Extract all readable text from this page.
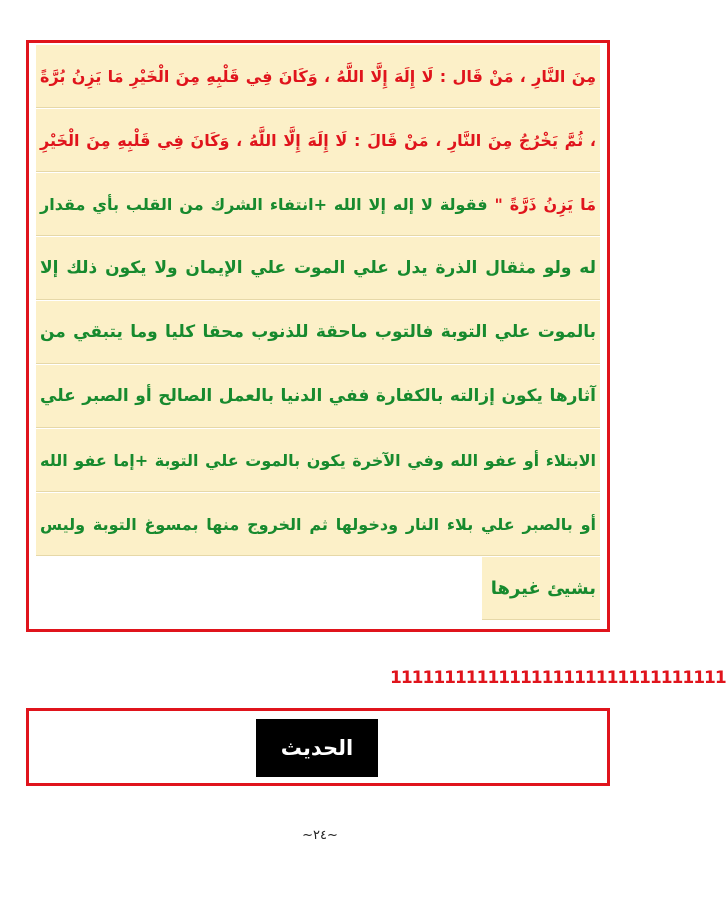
مِنَ النَّارِ ، مَنْ قَال : لَا إِلَهَ إِلَّا اللَّهُ ، وَكَانَ فِي قَلْبِهِ مِنَ الْخَيْرِ مَا يَزِنُ بُرَّةً
، ثُمَّ يَخْرُجُ مِنَ النَّارِ ، مَنْ قَالَ : لَا إِلَهَ إِلَّا اللَّهُ ، وَكَانَ فِي قَلْبِهِ مِنَ الْخَيْرِ
مَا يَزِنُ ذَرَّةً " فقولة لا إله إلا الله +انتفاء الشرك من القلب بأي مقدار
له ولو مثقال الذرة يدل علي الموت علي الإيمان ولا يكون ذلك إلا
بالموت علي التوبة فالتوب ماحقة للذنوب محقا كليا وما يتبقي من
آثارها يكون إزالته بالكفارة ففي الدنيا بالعمل الصالح أو الصبر علي
الابتلاء أو عفو الله وفي الآخرة يكون بالموت علي التوبة +إما عفو الله
أو بالصبر علي بلاء النار ودخولها ثم الخروج منها بمسوغ التوبة وليس
بشيئ غيرها
1111111111111111111111111111111
الحديث الثامن
~٢٤~
